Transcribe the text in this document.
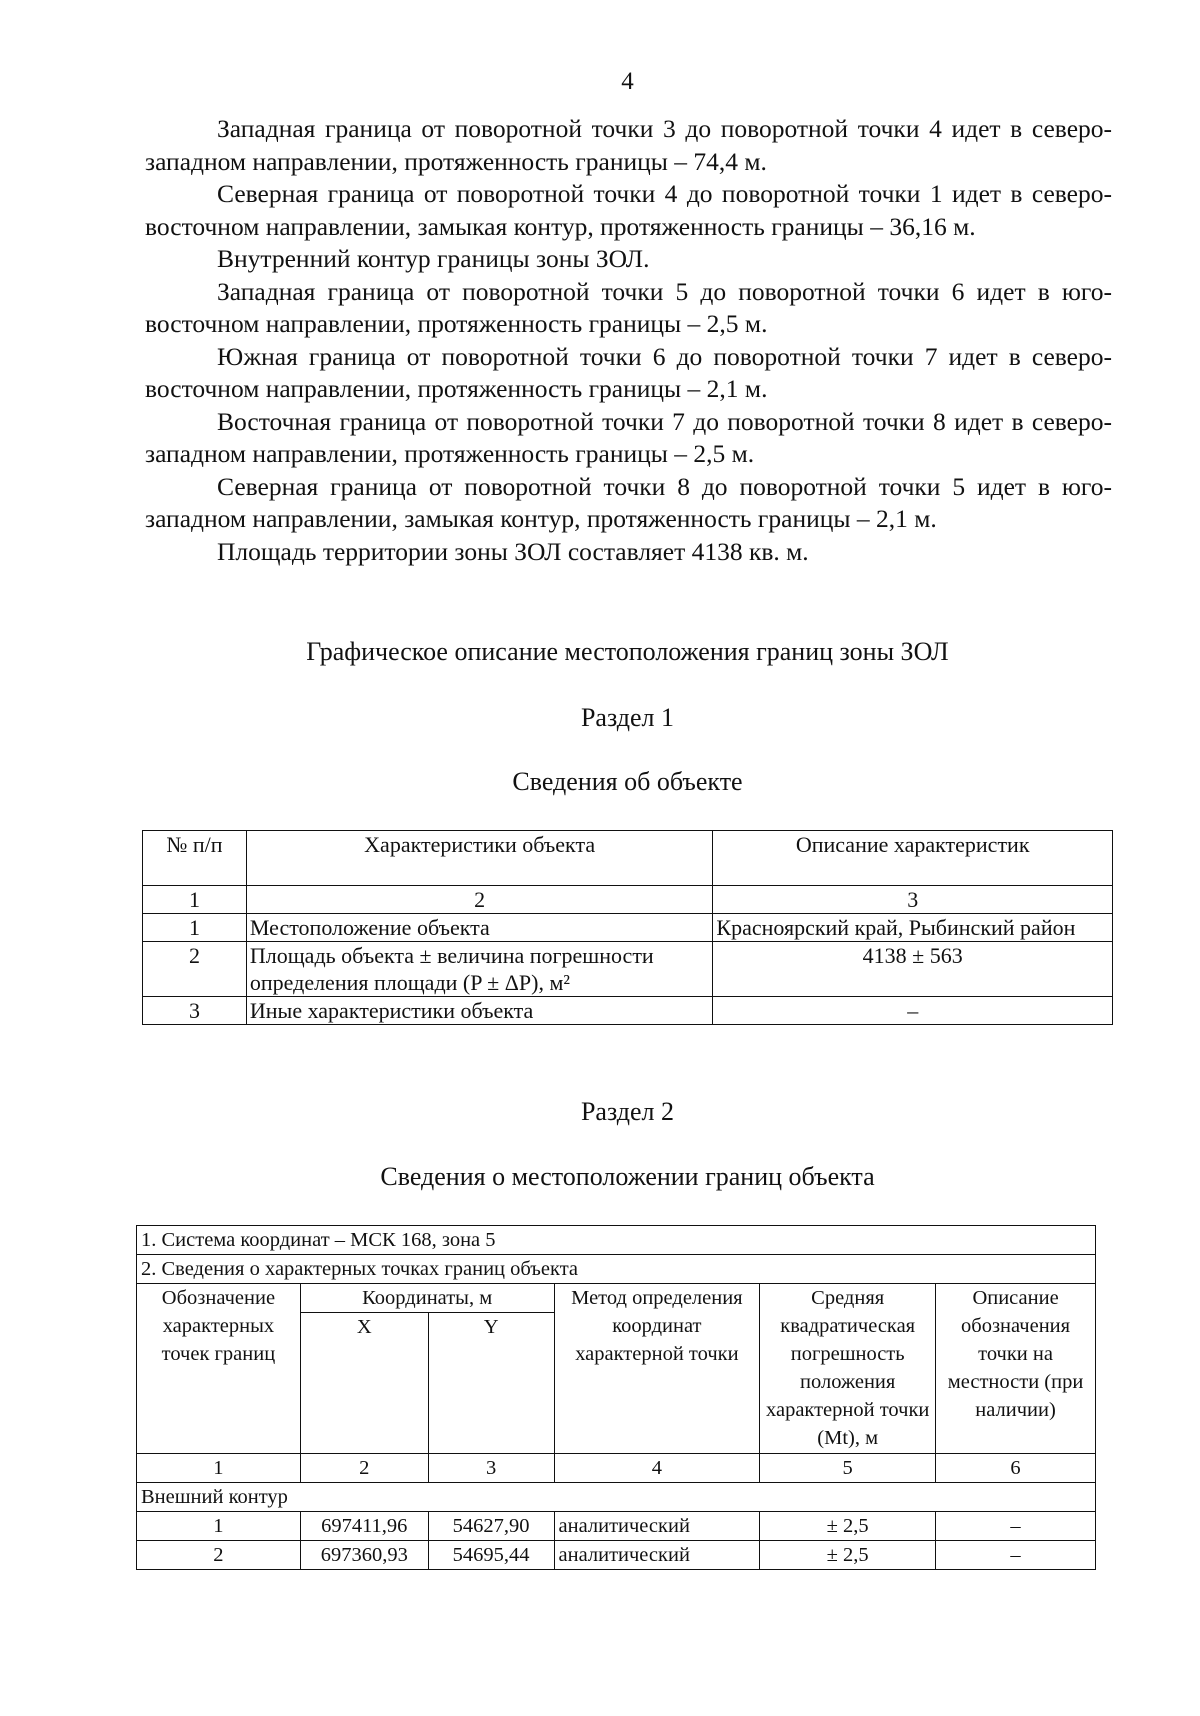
4

Западная граница от поворотной точки 3 до поворотной точки 4 идет в северо-западном направлении, протяженность границы – 74,4 м.

Северная граница от поворотной точки 4 до поворотной точки 1 идет в северо-восточном направлении, замыкая контур, протяженность границы – 36,16 м.

Внутренний контур границы зоны ЗОЛ.

Западная граница от поворотной точки 5 до поворотной точки 6 идет в юго-восточном направлении, протяженность границы – 2,5 м.

Южная граница от поворотной точки 6 до поворотной точки 7 идет в северо-восточном направлении, протяженность границы – 2,1 м.

Восточная граница от поворотной точки 7 до поворотной точки 8 идет в северо-западном направлении, протяженность границы – 2,5 м.

Северная граница от поворотной точки 8 до поворотной точки 5 идет в юго-западном направлении, замыкая контур, протяженность границы – 2,1 м.

Площадь территории зоны ЗОЛ составляет 4138 кв. м.

Графическое описание местоположения границ зоны ЗОЛ
Раздел 1
Сведения об объекте
№ п/п	Характеристики объекта	Описание характеристик
1	2	3
1	Местоположение объекта	Красноярский край, Рыбинский район
2	Площадь объекта ± величина погрешности определения площади (P ± ΔP), м²	4138 ± 563
3	Иные характеристики объекта	–
Раздел 2
Сведения о местоположении границ объекта
1. Система координат – МСК 168, зона 5					
2. Сведения о характерных точках границ объекта					
Обозначение характерных точек границ	Координаты, м		Метод определения координат характерной точки	Средняя квадратическая погрешность положения характерной точки (Mt), м	Описание обозначения точки на местности (при наличии)
	X	Y			
1	2	3	4	5	6
Внешний контур					
1	697411,96	54627,90	аналитический	± 2,5	–
2	697360,93	54695,44	аналитический	± 2,5	–
